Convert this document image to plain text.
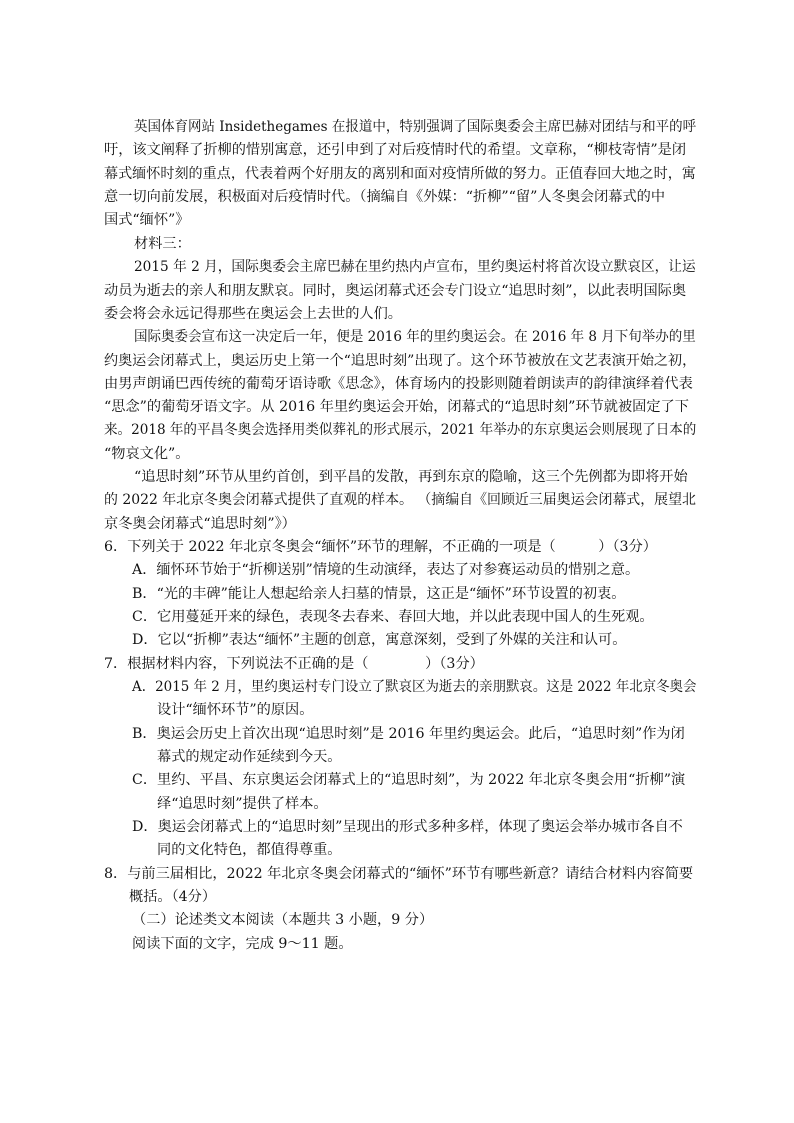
英国体育网站 Insidethegames 在报道中，特别强调了国际奥委会主席巴赫对团结与和平的呼
吁，该文阐释了折柳的惜别寓意，还引申到了对后疫情时代的希望。文章称，“柳枝寄情”是闭
幕式缅怀时刻的重点，代表着两个好朋友的离别和面对疫情所做的努力。正值春回大地之时，寓
意一切向前发展，积极面对后疫情时代。（摘编自《外媒：“折柳”“留”人冬奥会闭幕式的中
国式“缅怀”》
材料三：
2015 年 2 月，国际奥委会主席巴赫在里约热内卢宣布，里约奥运村将首次设立默哀区，让运
动员为逝去的亲人和朋友默哀。同时，奥运闭幕式还会专门设立“追思时刻”，以此表明国际奥
委会将会永远记得那些在奥运会上去世的人们。
国际奥委会宣布这一决定后一年，便是 2016 年的里约奥运会。在 2016 年 8 月下旬举办的里
约奥运会闭幕式上，奥运历史上第一个“追思时刻”出现了。这个环节被放在文艺表演开始之初，
由男声朗诵巴西传统的葡萄牙语诗歌《思念》，体育场内的投影则随着朗读声的韵律演绎着代表
“思念”的葡萄牙语文字。从 2016 年里约奥运会开始，闭幕式的“追思时刻”环节就被固定了下
来。2018 年的平昌冬奥会选择用类似葬礼的形式展示，2021 年举办的东京奥运会则展现了日本的
“物哀文化”。
“追思时刻”环节从里约首创，到平昌的发散，再到东京的隐喻，这三个先例都为即将开始
的 2022 年北京冬奥会闭幕式提供了直观的样本。 （摘编自《回顾近三届奥运会闭幕式，展望北
京冬奥会闭幕式“追思时刻”》）
6．下列关于 2022 年北京冬奥会“缅怀”环节的理解，不正确的一项是（　　　）（3分）
A．缅怀环节始于“折柳送别”情境的生动演绎，表达了对参赛运动员的惜别之意。
B．“光的丰碑”能让人想起给亲人扫墓的情景，这正是“缅怀”环节设置的初衷。
C．它用蔓延开来的绿色，表现冬去春来、春回大地，并以此表现中国人的生死观。
D．它以“折柳”表达“缅怀”主题的创意，寓意深刻，受到了外媒的关注和认可。
7．根据材料内容，下列说法不正确的是（　　　　）（3分）
A．2015 年 2 月，里约奥运村专门设立了默哀区为逝去的亲朋默哀。这是 2022 年北京冬奥会
设计“缅怀环节”的原因。
B．奥运会历史上首次出现“追思时刻”是 2016 年里约奥运会。此后，“追思时刻”作为闭
幕式的规定动作延续到今天。
C．里约、平昌、东京奥运会闭幕式上的“追思时刻”，为 2022 年北京冬奥会用“折柳”演
绎“追思时刻”提供了样本。
D．奥运会闭幕式上的“追思时刻”呈现出的形式多种多样，体现了奥运会举办城市各自不
同的文化特色，都值得尊重。
8．与前三届相比，2022 年北京冬奥会闭幕式的“缅怀”环节有哪些新意？请结合材料内容简要
概括。（4分）
（二）论述类文本阅读（本题共 3 小题，9 分）
阅读下面的文字，完成 9～11 题。
